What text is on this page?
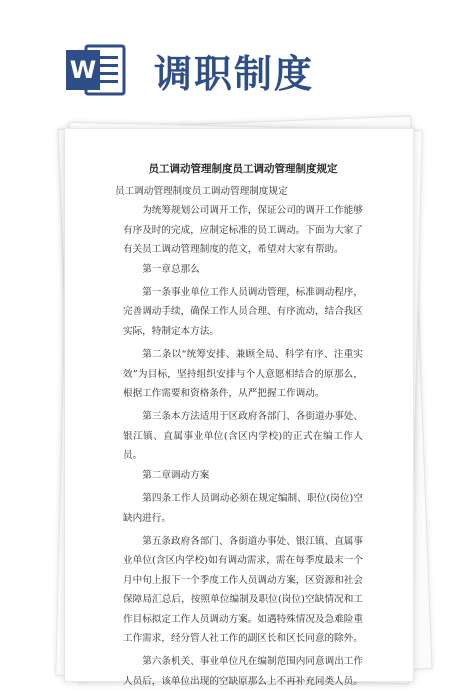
W 调职制度
员工调动管理制度员工调动管理制度规定

员工调动管理制度员工调动管理制度规定

为统筹规划公司调开工作，保证公司的调开工作能够有序及时的完成，应制定标准的员工调动。下面为大家了有关员工调动管理制度的范文，希望对大家有帮助。

第一章总那么

第一条事业单位工作人员调动管理，标准调动程序，完善调动手续，确保工作人员合理、有序流动，结合我区实际，特制定本方法。

第二条以“统筹安排、兼顾全局、科学有序、注重实效”为目标，坚持组织安排与个人意愿相结合的原那么，根据工作需要和资格条件，从严把握工作调动。

第三条本方法适用于区政府各部门、各街道办事处、银江镇、直属事业单位(含区内学校)的正式在编工作人员。

第二章调动方案

第四条工作人员调动必须在规定编制、职位(岗位)空缺内进行。

第五条政府各部门、各街道办事处、银江镇、直属事业单位(含区内学校)如有调动需求，需在每季度最末一个月中旬上报下一个季度工作人员调动方案，区资源和社会保障局汇总后，按照单位编制及职位(岗位)空缺情况和工作目标拟定工作人员调动方案。如遇特殊情况及急难险重工作需求，经分管人社工作的副区长和区长同意的除外。

第六条机关、事业单位凡在编制范围内同意调出工作人员后，该单位出现的空缺原那么上不再补充同类人员。
